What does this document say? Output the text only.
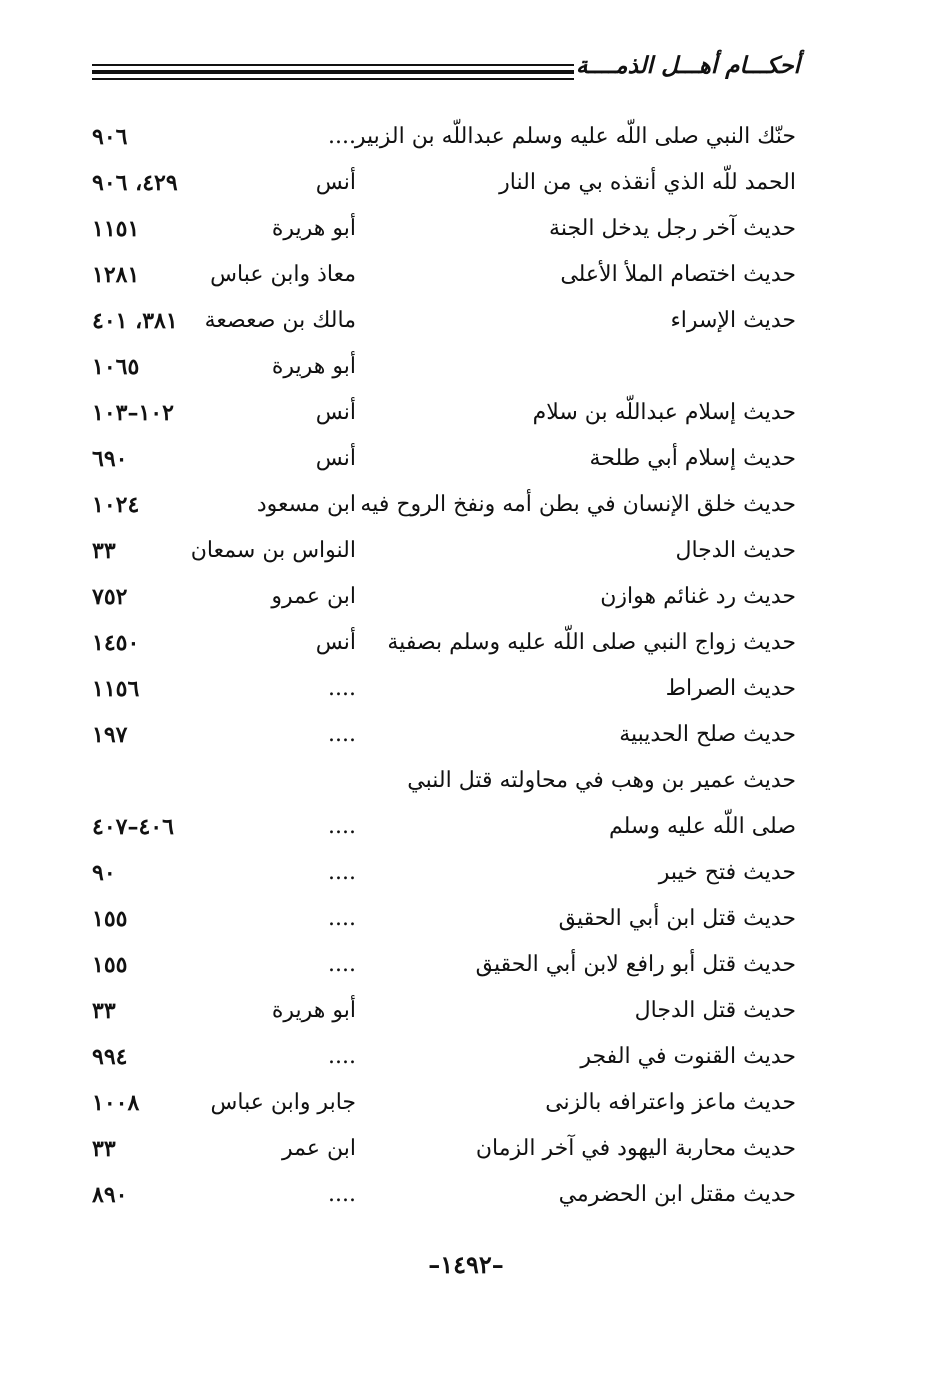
أحكـــام أهـــل الذمــــة
حنّك النبي صلى اللّه عليه وسلم عبداللّه بن الزبير
....
٩٠٦
الحمد للّه الذي أنقذه بي من النار
أنس
٤٢٩، ٩٠٦
حديث آخر رجل يدخل الجنة
أبو هريرة
١١٥١
حديث اختصام الملأ الأعلى
معاذ وابن عباس
١٢٨١
حديث الإسراء
مالك بن صعصعة
٣٨١، ٤٠١
أبو هريرة
١٠٦٥
حديث إسلام عبداللّه بن سلام
أنس
١٠٢–١٠٣
حديث إسلام أبي طلحة
أنس
٦٩٠
حديث خلق الإنسان في بطن أمه ونفخ الروح فيه
ابن مسعود
١٠٢٤
حديث الدجال
النواس بن سمعان
٣٣
حديث رد غنائم هوازن
ابن عمرو
٧٥٢
حديث زواج النبي صلى اللّه عليه وسلم بصفية
أنس
١٤٥٠
حديث الصراط
....
١١٥٦
حديث صلح الحديبية
....
١٩٧
حديث عمير بن وهب في محاولته قتل النبي
صلى اللّه عليه وسلم
....
٤٠٦–٤٠٧
حديث فتح خيبر
....
٩٠
حديث قتل ابن أبي الحقيق
....
١٥٥
حديث قتل أبو رافع لابن أبي الحقيق
....
١٥٥
حديث قتل الدجال
أبو هريرة
٣٣
حديث القنوت في الفجر
....
٩٩٤
حديث ماعز واعترافه بالزنى
جابر وابن عباس
١٠٠٨
حديث محاربة اليهود في آخر الزمان
ابن عمر
٣٣
حديث مقتل ابن الحضرمي
....
٨٩٠
–١٤٩٢–
